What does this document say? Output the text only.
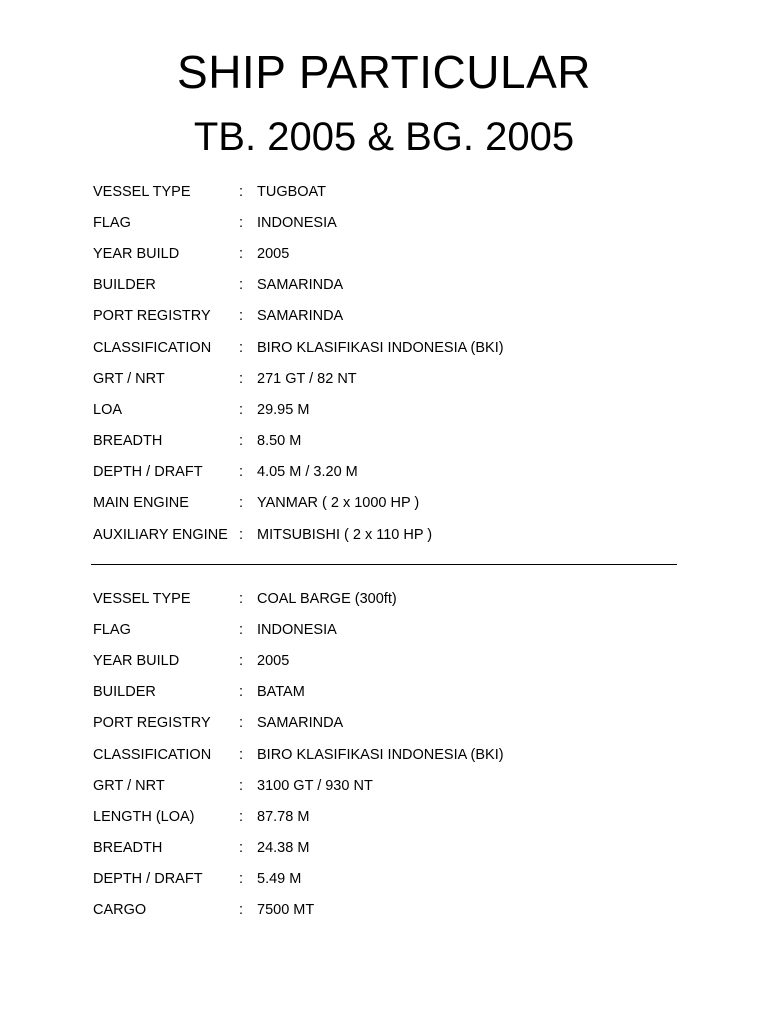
SHIP PARTICULAR
TB. 2005 & BG. 2005
VESSEL TYPE	: TUGBOAT
FLAG	: INDONESIA
YEAR BUILD	: 2005
BUILDER	: SAMARINDA
PORT REGISTRY	: SAMARINDA
CLASSIFICATION	: BIRO KLASIFIKASI INDONESIA (BKI)
GRT / NRT	: 271 GT / 82 NT
LOA	: 29.95 M
BREADTH	: 8.50 M
DEPTH / DRAFT	: 4.05 M / 3.20 M
MAIN ENGINE	: YANMAR ( 2 x 1000 HP )
AUXILIARY ENGINE : MITSUBISHI ( 2 x 110 HP )
VESSEL TYPE	: COAL BARGE (300ft)
FLAG	: INDONESIA
YEAR BUILD	: 2005
BUILDER	: BATAM
PORT REGISTRY	: SAMARINDA
CLASSIFICATION	: BIRO KLASIFIKASI INDONESIA (BKI)
GRT / NRT	: 3100 GT / 930 NT
LENGTH (LOA)	: 87.78 M
BREADTH	: 24.38 M
DEPTH / DRAFT	: 5.49 M
CARGO	: 7500 MT
